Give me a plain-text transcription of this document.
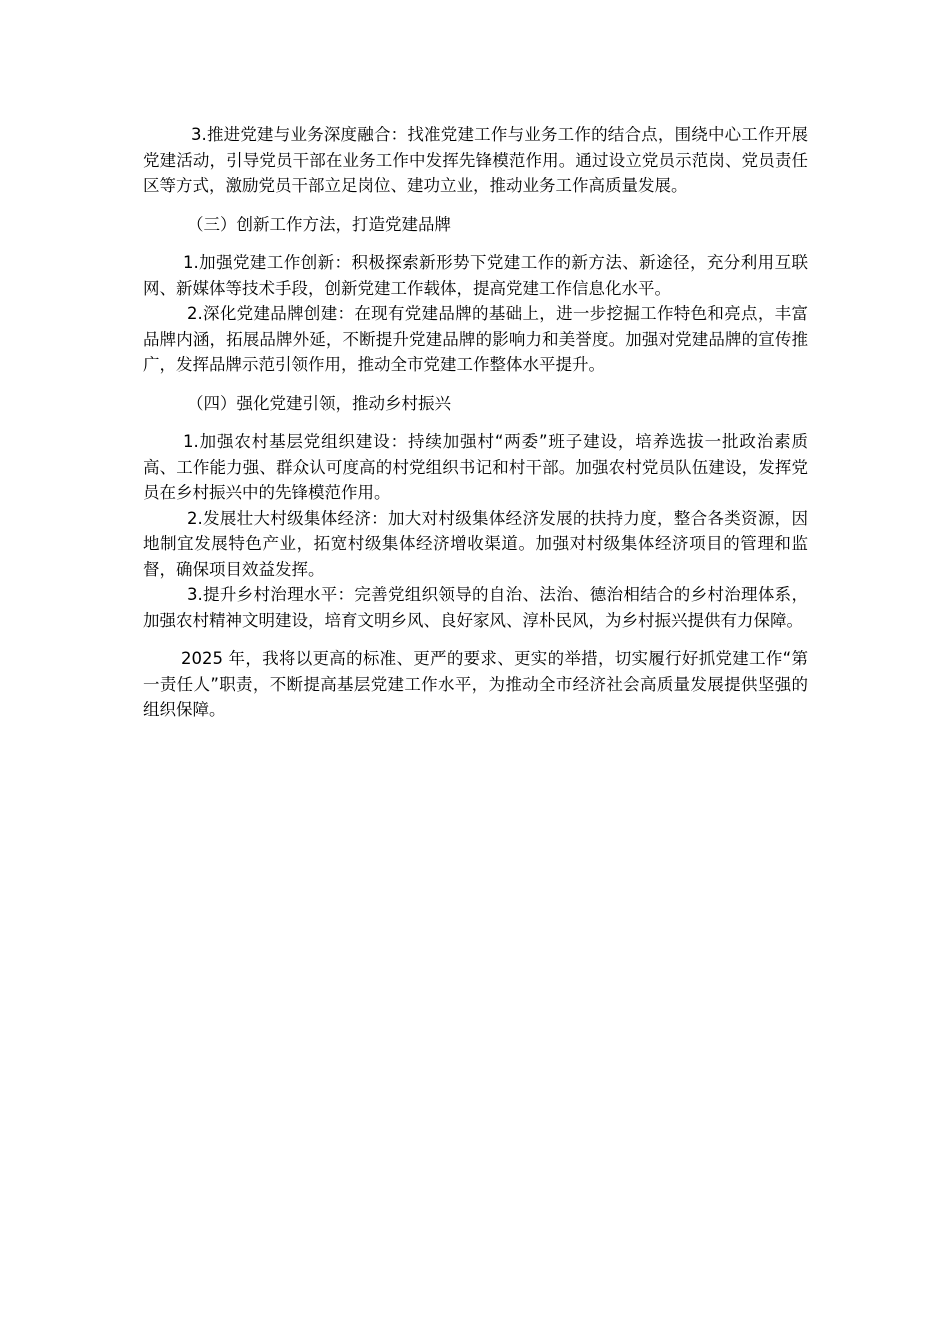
3.推进党建与业务深度融合：找准党建工作与业务工作的结合点，围绕中心工作开展党建活动，引导党员干部在业务工作中发挥先锋模范作用。通过设立党员示范岗、党员责任区等方式，激励党员干部立足岗位、建功立业，推动业务工作高质量发展。

（三）创新工作方法，打造党建品牌

1.加强党建工作创新：积极探索新形势下党建工作的新方法、新途径，充分利用互联网、新媒体等技术手段，创新党建工作载体，提高党建工作信息化水平。

2.深化党建品牌创建：在现有党建品牌的基础上，进一步挖掘工作特色和亮点，丰富品牌内涵，拓展品牌外延，不断提升党建品牌的影响力和美誉度。加强对党建品牌的宣传推广，发挥品牌示范引领作用，推动全市党建工作整体水平提升。

（四）强化党建引领，推动乡村振兴

1.加强农村基层党组织建设：持续加强村“两委”班子建设，培养选拔一批政治素质高、工作能力强、群众认可度高的村党组织书记和村干部。加强农村党员队伍建设，发挥党员在乡村振兴中的先锋模范作用。

2.发展壮大村级集体经济：加大对村级集体经济发展的扶持力度，整合各类资源，因地制宜发展特色产业，拓宽村级集体经济增收渠道。加强对村级集体经济项目的管理和监督，确保项目效益发挥。

3.提升乡村治理水平：完善党组织领导的自治、法治、德治相结合的乡村治理体系，加强农村精神文明建设，培育文明乡风、良好家风、淳朴民风，为乡村振兴提供有力保障。

2025 年，我将以更高的标准、更严的要求、更实的举措，切实履行好抓党建工作“第一责任人”职责，不断提高基层党建工作水平，为推动全市经济社会高质量发展提供坚强的组织保障。
